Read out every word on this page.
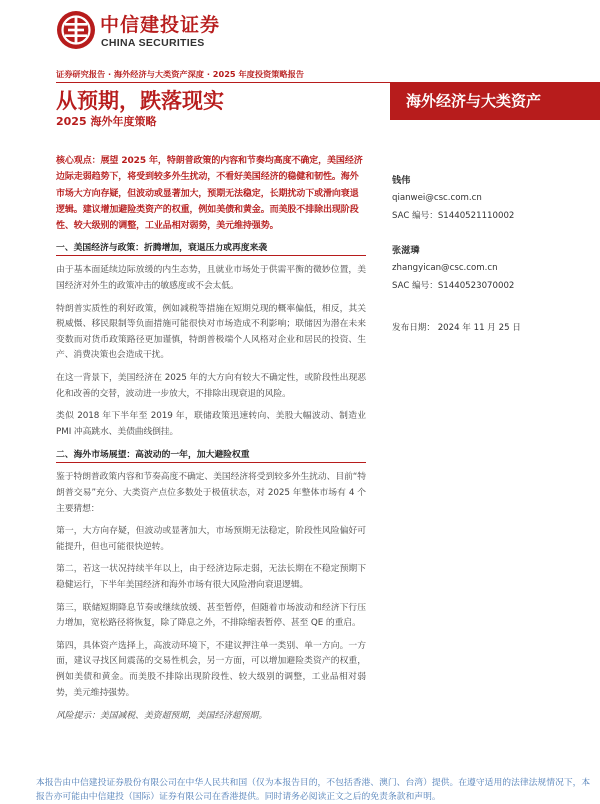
中信建投证券
CHINA SECURITIES
证券研究报告 · 海外经济与大类资产深度 · 2025 年度投资策略报告
从预期，跌落现实
2025 海外年度策略
海外经济与大类资产

核心观点：展望 2025 年，特朗普政策的内容和节奏均高度不确定，美国经济边际走弱趋势下，将受到较多外生扰动，不看好美国经济的稳健和韧性。海外市场大方向存疑，但波动或显著加大，预期无法稳定，长期扰动下或滑向衰退逻辑。建议增加避险类资产的权重，例如美债和黄金。而美股不排除出现阶段性、较大级别的调整，工业品相对弱势，美元维持强势。

一、美国经济与政策：折腾增加，衰退压力或再度来袭

由于基本面延续边际放缓的内生态势，且就业市场处于供需平衡的微妙位置，美国经济对外生的政策冲击的敏感度或不会太低。

特朗普实质性的利好政策，例如减税等措施在短期兑现的概率偏低，相反，其关税威慑、移民限制等负面措施可能很快对市场造成不利影响；联储因为潜在未来变数而对货币政策路径更加谨慎，特朗普极端个人风格对企业和居民的投资、生产、消费决策也会造成干扰。

在这一背景下，美国经济在 2025 年的大方向有较大不确定性，或阶段性出现恶化和改善的交替，波动进一步放大，不排除出现衰退的风险。

类似 2018 年下半年至 2019 年，联储政策迅速转向、美股大幅波动、制造业 PMI 冲高跳水、美债曲线倒挂。

二、海外市场展望：高波动的一年，加大避险权重

鉴于特朗普政策内容和节奏高度不确定、美国经济将受到较多外生扰动、目前“特朗普交易”充分、大类资产点位多数处于极值状态，对 2025 年整体市场有 4 个主要猜想：

第一，大方向存疑，但波动或显著加大，市场预期无法稳定，阶段性风险偏好可能提升，但也可能很快逆转。

第二，若这一状况持续半年以上，由于经济边际走弱，无法长期在不稳定预期下稳健运行，下半年美国经济和海外市场有很大风险滑向衰退逻辑。

第三，联储短期降息节奏或继续放缓、甚至暂停，但随着市场波动和经济下行压力增加，宽松路径将恢复，除了降息之外，不排除缩表暂停、甚至 QE 的重启。

第四，具体资产选择上，高波动环境下，不建议押注单一类别、单一方向。一方面，建议寻找区间震荡的交易性机会，另一方面，可以增加避险类资产的权重，例如美债和黄金。而美股不排除出现阶段性、较大级别的调整，工业品相对弱势，美元维持强势。

风险提示：美国减税、美资超预期，美国经济超预期。

钱伟
qianwei@csc.com.cn
SAC 编号：S1440521110002
张滋璘
zhangyican@csc.com.cn
SAC 编号：S1440523070002
发布日期： 2024 年 11 月 25 日
本报告由中信建投证券股份有限公司在中华人民共和国（仅为本报告目的，不包括香港、澳门、台湾）提供。在遵守适用的法律法规情况下，本报告亦可能由中信建投（国际）证券有限公司在香港提供。同时请务必阅读正文之后的免责条款和声明。
